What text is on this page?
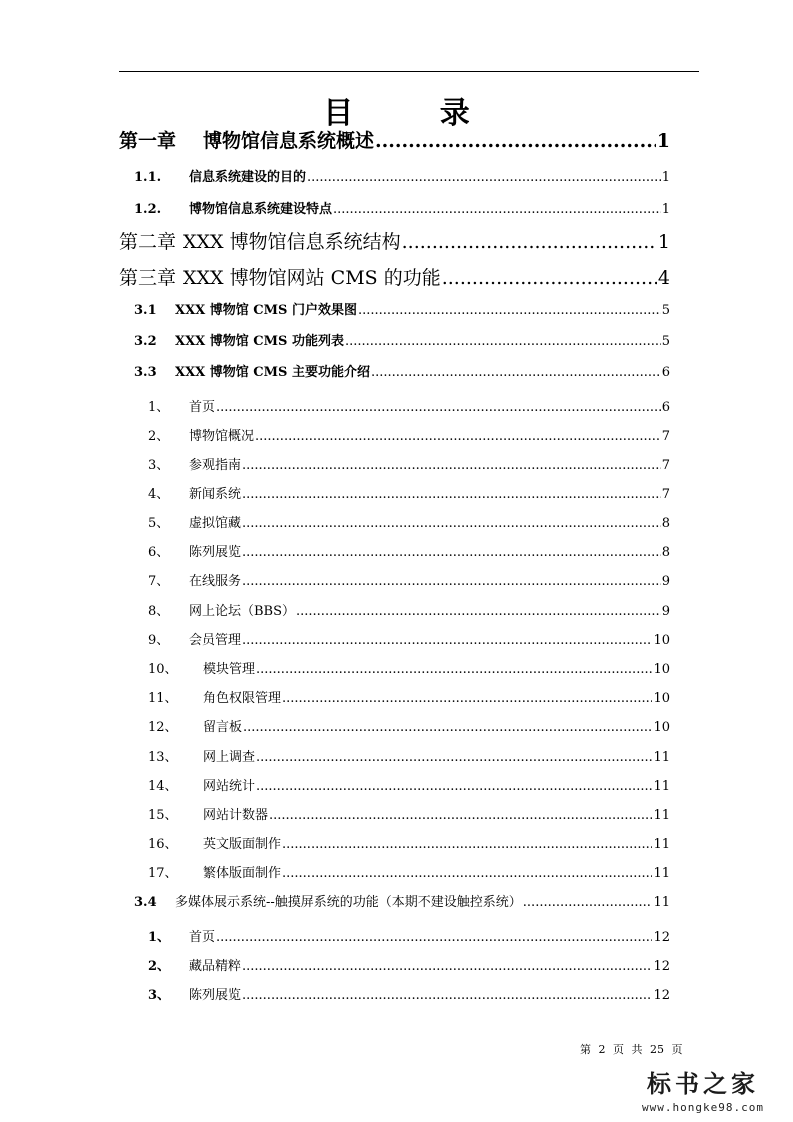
目 录
第一章	博物馆信息系统概述 .....	1
1.1.	信息系统建设的目的 .....	1
1.2.	博物馆信息系统建设特点 .....	1
第二章 XXX 博物馆信息系统结构 .....	1
第三章 XXX 博物馆网站 CMS 的功能 .....	4
3.1	XXX 博物馆 CMS 门户效果图 .....	5
3.2	XXX 博物馆 CMS 功能列表 .....	5
3.3	XXX 博物馆 CMS 主要功能介绍 .....	6
1、	首页 .....	6
2、	博物馆概况 .....	7
3、	参观指南 .....	7
4、	新闻系统 .....	7
5、	虚拟馆藏 .....	8
6、	陈列展览 .....	8
7、	在线服务 .....	9
8、	网上论坛（BBS） .....	9
9、	会员管理 .....	10
10、	模块管理 .....	10
11、	角色权限管理 .....	10
12、	留言板 .....	10
13、	网上调查 .....	11
14、	网站统计 .....	11
15、	网站计数器 .....	11
16、	英文版面制作 .....	11
17、	繁体版面制作 .....	11
3.4	多媒体展示系统--触摸屏系统的功能（本期不建设触控系统） .....	11
1、	首页 .....	12
2、	藏品精粹 .....	12
3、	陈列展览 .....	12
第 2 页 共 25 页
标书之家
www.hongke98.com
